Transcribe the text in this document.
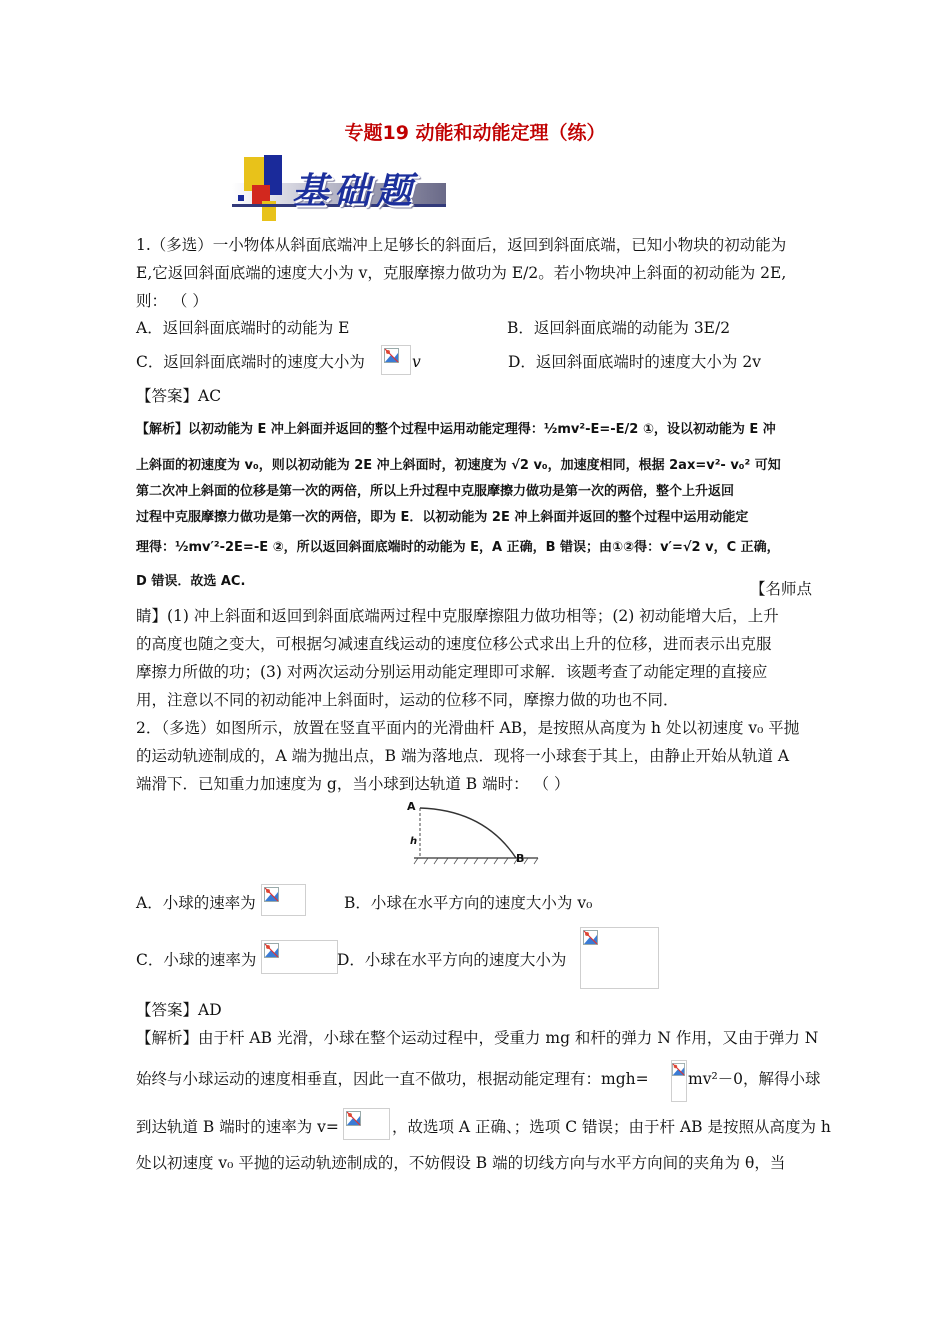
专题19 动能和动能定理（练）
基础题
1.（多选）一小物体从斜面底端冲上足够长的斜面后，返回到斜面底端，已知小物块的初动能为
E,它返回斜面底端的速度大小为 v，克服摩擦力做功为 E/2。若小物块冲上斜面的初动能为 2E,
则： （ ）
A．返回斜面底端时的动能为 E	B．返回斜面底端的动能为 3E/2
C．返回斜面底端时的速度大小为	v	D．返回斜面底端时的速度大小为 2v
【答案】AC
【解析】以初动能为 E 冲上斜面并返回的整个过程中运用动能定理得：½mv²-E=-E/2 ①，设以初动能为 E 冲
上斜面的初速度为 v₀，则以初动能为 2E 冲上斜面时，初速度为 √2 v₀，加速度相同，根据 2ax=v²- v₀² 可知
第二次冲上斜面的位移是第一次的两倍，所以上升过程中克服摩擦力做功是第一次的两倍，整个上升返回
过程中克服摩擦力做功是第一次的两倍，即为 E．以初动能为 2E 冲上斜面并返回的整个过程中运用动能定
理得：½mv′²-2E=-E ②，所以返回斜面底端时的动能为 E，A 正确，B 错误；由①②得：v′=√2 v，C 正确，
D 错误．故选 AC.	【名师点
睛】(1) 冲上斜面和返回到斜面底端两过程中克服摩擦阻力做功相等；(2) 初动能增大后，上升
的高度也随之变大，可根据匀减速直线运动的速度位移公式求出上升的位移，进而表示出克服
摩擦力所做的功；(3) 对两次运动分别运用动能定理即可求解．该题考查了动能定理的直接应
用，注意以不同的初动能冲上斜面时，运动的位移不同，摩擦力做的功也不同．
2．（多选）如图所示，放置在竖直平面内的光滑曲杆 AB，是按照从高度为 h 处以初速度 v₀ 平抛
的运动轨迹制成的，A 端为抛出点，B 端为落地点．现将一小球套于其上，由静止开始从轨道 A
端滑下．已知重力加速度为 g，当小球到达轨道 B 端时： （ ）
A
h
B
A．小球的速率为	B．小球在水平方向的速度大小为 v₀
C．小球的速率为	D．小球在水平方向的速度大小为
【答案】AD
【解析】由于杆 AB 光滑，小球在整个运动过程中，受重力 mg 和杆的弹力 N 作用，又由于弹力 N
始终与小球运动的速度相垂直，因此一直不做功，根据动能定理有：mgh=	mv²－0，解得小球
到达轨道 B 端时的速率为 v=	，故选项 A 正确、；选项 C 错误；由于杆 AB 是按照从高度为 h
处以初速度 v₀ 平抛的运动轨迹制成的，不妨假设 B 端的切线方向与水平方向间的夹角为 θ，当
